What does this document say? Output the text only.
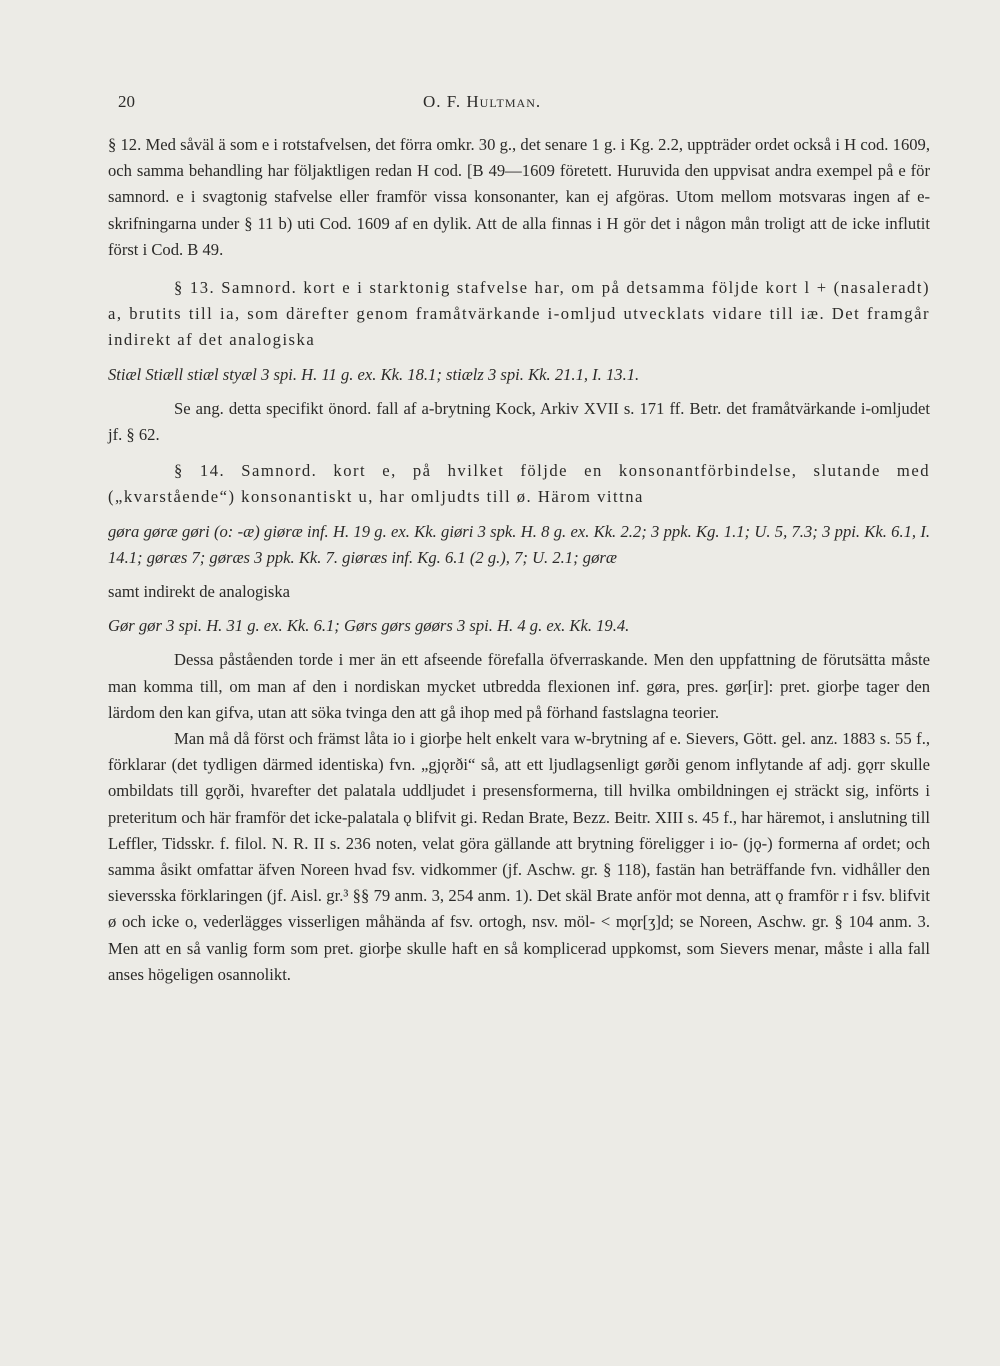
20	O. F. Hultman.

§ 12. Med såväl ä som e i rotstafvelsen, det förra omkr. 30 g., det senare 1 g. i Kg. 2.2, uppträder ordet också i H cod. 1609, och samma behandling har följaktligen redan H cod. [B 49—1609 företett. Huruvida den uppvisat andra exempel på e för samnord. e i svagtonig stafvelse eller framför vissa konsonanter, kan ej afgöras. Utom mellom motsvaras ingen af e-skrifningarna under § 11 b) uti Cod. 1609 af en dylik. Att de alla finnas i H gör det i någon mån troligt att de icke influtit först i Cod. B 49.

§ 13. Samnord. kort e i starktonig stafvelse har, om på detsamma följde kort l + (nasaleradt) a, brutits till ia, som därefter genom framåtvärkande i-omljud utvecklats vidare till iæ. Det framgår indirekt af det analogiska

Stiæl Stiæll stiæl styæl 3 spi. H. 11 g. ex. Kk. 18.1; stiælz 3 spi. Kk. 21.1, I. 13.1.

Se ang. detta specifikt önord. fall af a-brytning Kock, Arkiv XVII s. 171 ff. Betr. det framåtvärkande i-omljudet jf. § 62.

§ 14. Samnord. kort e, på hvilket följde en konsonantförbindelse, slutande med („kvarstående“) konsonantiskt u, har omljudts till ø. Härom vittna

gøra gøræ gøri (o: -æ) giøræ inf. H. 19 g. ex. Kk. giøri 3 spk. H. 8 g. ex. Kk. 2.2; 3 ppk. Kg. 1.1; U. 5, 7.3; 3 ppi. Kk. 6.1, I. 14.1; gøræs 7; gøræs 3 ppk. Kk. 7. giøræs inf. Kg. 6.1 (2 g.), 7; U. 2.1; gøræ

samt indirekt de analogiska

Gør gør 3 spi. H. 31 g. ex. Kk. 6.1; Gørs gørs gøørs 3 spi. H. 4 g. ex. Kk. 19.4.

Dessa påståenden torde i mer än ett afseende förefalla öfverraskande. Men den uppfattning de förutsätta måste man komma till, om man af den i nordiskan mycket utbredda flexionen inf. gøra, pres. gør[ir]: pret. giorþe tager den lärdom den kan gifva, utan att söka tvinga den att gå ihop med på förhand fastslagna teorier.

Man må då först och främst låta io i giorþe helt enkelt vara w-brytning af e. Sievers, Gött. gel. anz. 1883 s. 55 f., förklarar (det tydligen därmed identiska) fvn. „gjǫrði“ så, att ett ljudlagsenligt gørði genom inflytande af adj. gǫrr skulle ombildats till gǫrði, hvarefter det palatala uddljudet i presensformerna, till hvilka ombildningen ej sträckt sig, införts i preteritum och här framför det icke-palatala ǫ blifvit gi. Redan Brate, Bezz. Beitr. XIII s. 45 f., har häremot, i anslutning till Leffler, Tidsskr. f. filol. N. R. II s. 236 noten, velat göra gällande att brytning föreligger i io- (jǫ-) formerna af ordet; och samma åsikt omfattar äfven Noreen hvad fsv. vidkommer (jf. Aschw. gr. § 118), fastän han beträffande fvn. vidhåller den sieversska förklaringen (jf. Aisl. gr.³ §§ 79 anm. 3, 254 anm. 1). Det skäl Brate anför mot denna, att ǫ framför r i fsv. blifvit ø och icke o, vederlägges visserligen måhända af fsv. ortogh, nsv. möl- < mǫr[ʒ]d; se Noreen, Aschw. gr. § 104 anm. 3. Men att en så vanlig form som pret. giorþe skulle haft en så komplicerad uppkomst, som Sievers menar, måste i alla fall anses högeligen osannolikt.
